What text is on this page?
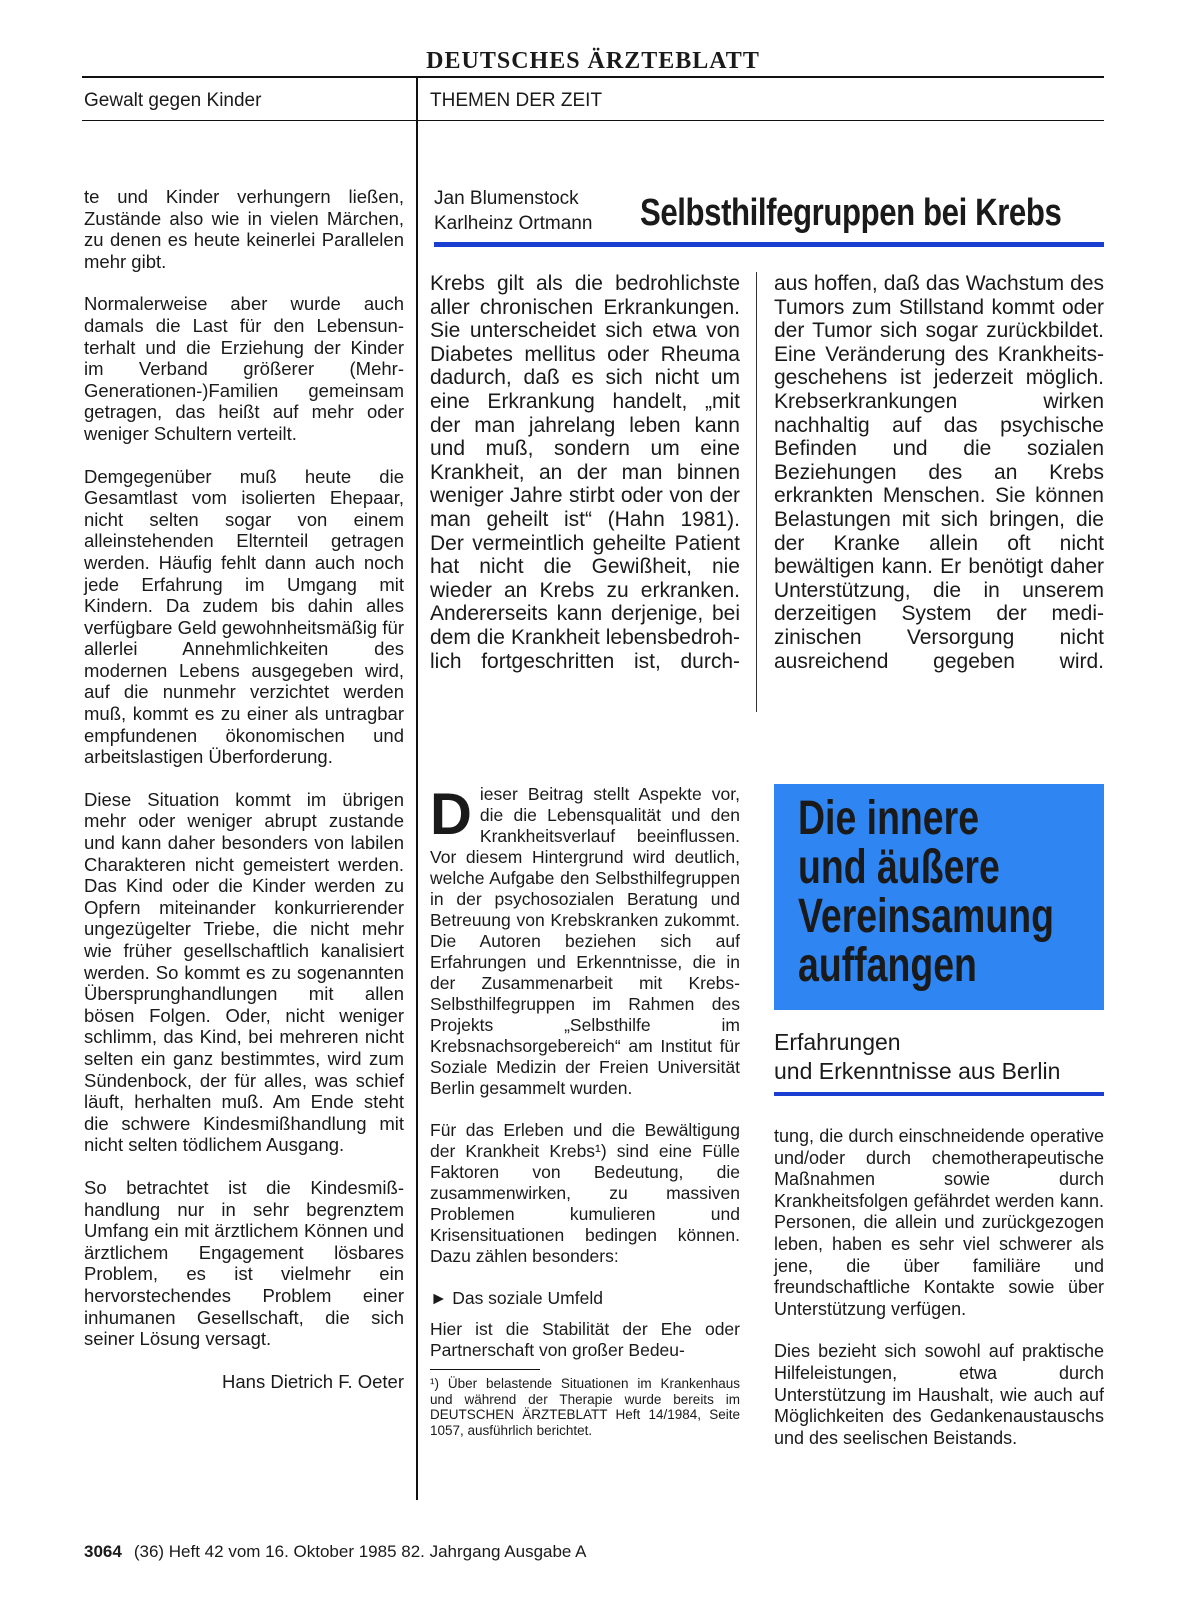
DEUTSCHES ÄRZTEBLATT
Gewalt gegen Kinder	THEMEN DER ZEIT

te und Kinder verhungern ließen, Zustände also wie in vielen Märchen, zu denen es heute keinerlei Parallelen mehr gibt.

Normalerweise aber wurde auch damals die Last für den Lebensunterhalt und die Erziehung der Kinder im Verband größerer (Mehr-Generationen-)Familien gemeinsam getragen, das heißt auf mehr oder weniger Schultern verteilt.

Demgegenüber muß heute die Gesamtlast vom isolierten Ehepaar, nicht selten sogar von einem alleinstehenden Elternteil getragen werden. Häufig fehlt dann auch noch jede Erfahrung im Umgang mit Kindern. Da zudem bis dahin alles verfügbare Geld gewohnheitsmäßig für allerlei Annehmlichkeiten des modernen Lebens ausgegeben wird, auf die nunmehr verzichtet werden muß, kommt es zu einer als untragbar empfundenen ökonomischen und arbeitslastigen Überforderung.

Diese Situation kommt im übrigen mehr oder weniger abrupt zustande und kann daher besonders von labilen Charakteren nicht gemeistert werden. Das Kind oder die Kinder werden zu Opfern miteinander konkurrierender ungezügelter Triebe, die nicht mehr wie früher gesellschaftlich kanalisiert werden. So kommt es zu sogenannten Übersprunghandlungen mit allen bösen Folgen. Oder, nicht weniger schlimm, das Kind, bei mehreren nicht selten ein ganz bestimmtes, wird zum Sündenbock, der für alles, was schief läuft, herhalten muß. Am Ende steht die schwere Kindesmißhandlung mit nicht selten tödlichem Ausgang.

So betrachtet ist die Kindesmißhandlung nur in sehr begrenztem Umfang ein mit ärztlichem Können und ärztlichem Engagement lösbares Problem, es ist vielmehr ein hervorstechendes Problem einer inhumanen Gesellschaft, die sich seiner Lösung versagt.

Hans Dietrich F. Oeter
Jan Blumenstock
Karlheinz Ortmann Selbsthilfegruppen bei Krebs

Krebs gilt als die bedrohlichste aller chronischen Erkrankungen. Sie unterscheidet sich etwa von Diabetes mellitus oder Rheuma dadurch, daß es sich nicht um eine Erkrankung handelt, „mit der man jahrelang leben kann und muß, sondern um eine Krankheit, an der man binnen weniger Jahre stirbt oder von der man geheilt ist“ (Hahn 1981). Der vermeintlich geheilte Patient hat nicht die Gewißheit, nie wieder an Krebs zu erkranken. Andererseits kann derjenige, bei dem die Krankheit lebensbedrohlich fortgeschritten ist, durch-

aus hoffen, daß das Wachstum des Tumors zum Stillstand kommt oder der Tumor sich sogar zurückbildet. Eine Veränderung des Krankheitsgeschehens ist jederzeit möglich. Krebserkrankungen wirken nachhaltig auf das psychische Befinden und die sozialen Beziehungen des an Krebs erkrankten Menschen. Sie können Belastungen mit sich bringen, die der Kranke allein oft nicht bewältigen kann. Er benötigt daher Unterstützung, die in unserem derzeitigen System der medizinischen Versorgung nicht ausreichend gegeben wird.

Dieser Beitrag stellt Aspekte vor, die die Lebensqualität und den Krankheitsverlauf beeinflussen. Vor diesem Hintergrund wird deutlich, welche Aufgabe den Selbsthilfegruppen in der psychosozialen Beratung und Betreuung von Krebskranken zukommt. Die Autoren beziehen sich auf Erfahrungen und Erkenntnisse, die in der Zusammenarbeit mit Krebs-Selbsthilfegruppen im Rahmen des Projekts „Selbsthilfe im Krebsnachsorgebereich“ am Institut für Soziale Medizin der Freien Universität Berlin gesammelt wurden.

Für das Erleben und die Bewältigung der Krankheit Krebs¹) sind eine Fülle Faktoren von Bedeutung, die zusammenwirken, zu massiven Problemen kumulieren und Krisensituationen bedingen können. Dazu zählen besonders:

► Das soziale Umfeld

Hier ist die Stabilität der Ehe oder Partnerschaft von großer Bedeu-

¹) Über belastende Situationen im Krankenhaus und während der Therapie wurde bereits im DEUTSCHEN ÄRZTEBLATT Heft 14/1984, Seite 1057, ausführlich berichtet.
Die innere
und äußere
Vereinsamung
auffangen
Erfahrungen
und Erkenntnisse aus Berlin

tung, die durch einschneidende operative und/oder durch chemotherapeutische Maßnahmen sowie durch Krankheitsfolgen gefährdet werden kann. Personen, die allein und zurückgezogen leben, haben es sehr viel schwerer als jene, die über familiäre und freundschaftliche Kontakte sowie über Unterstützung verfügen.

Dies bezieht sich sowohl auf praktische Hilfeleistungen, etwa durch Unterstützung im Haushalt, wie auch auf Möglichkeiten des Gedankenaustauschs und des seelischen Beistands.

3064 (36) Heft 42 vom 16. Oktober 1985 82. Jahrgang Ausgabe A
